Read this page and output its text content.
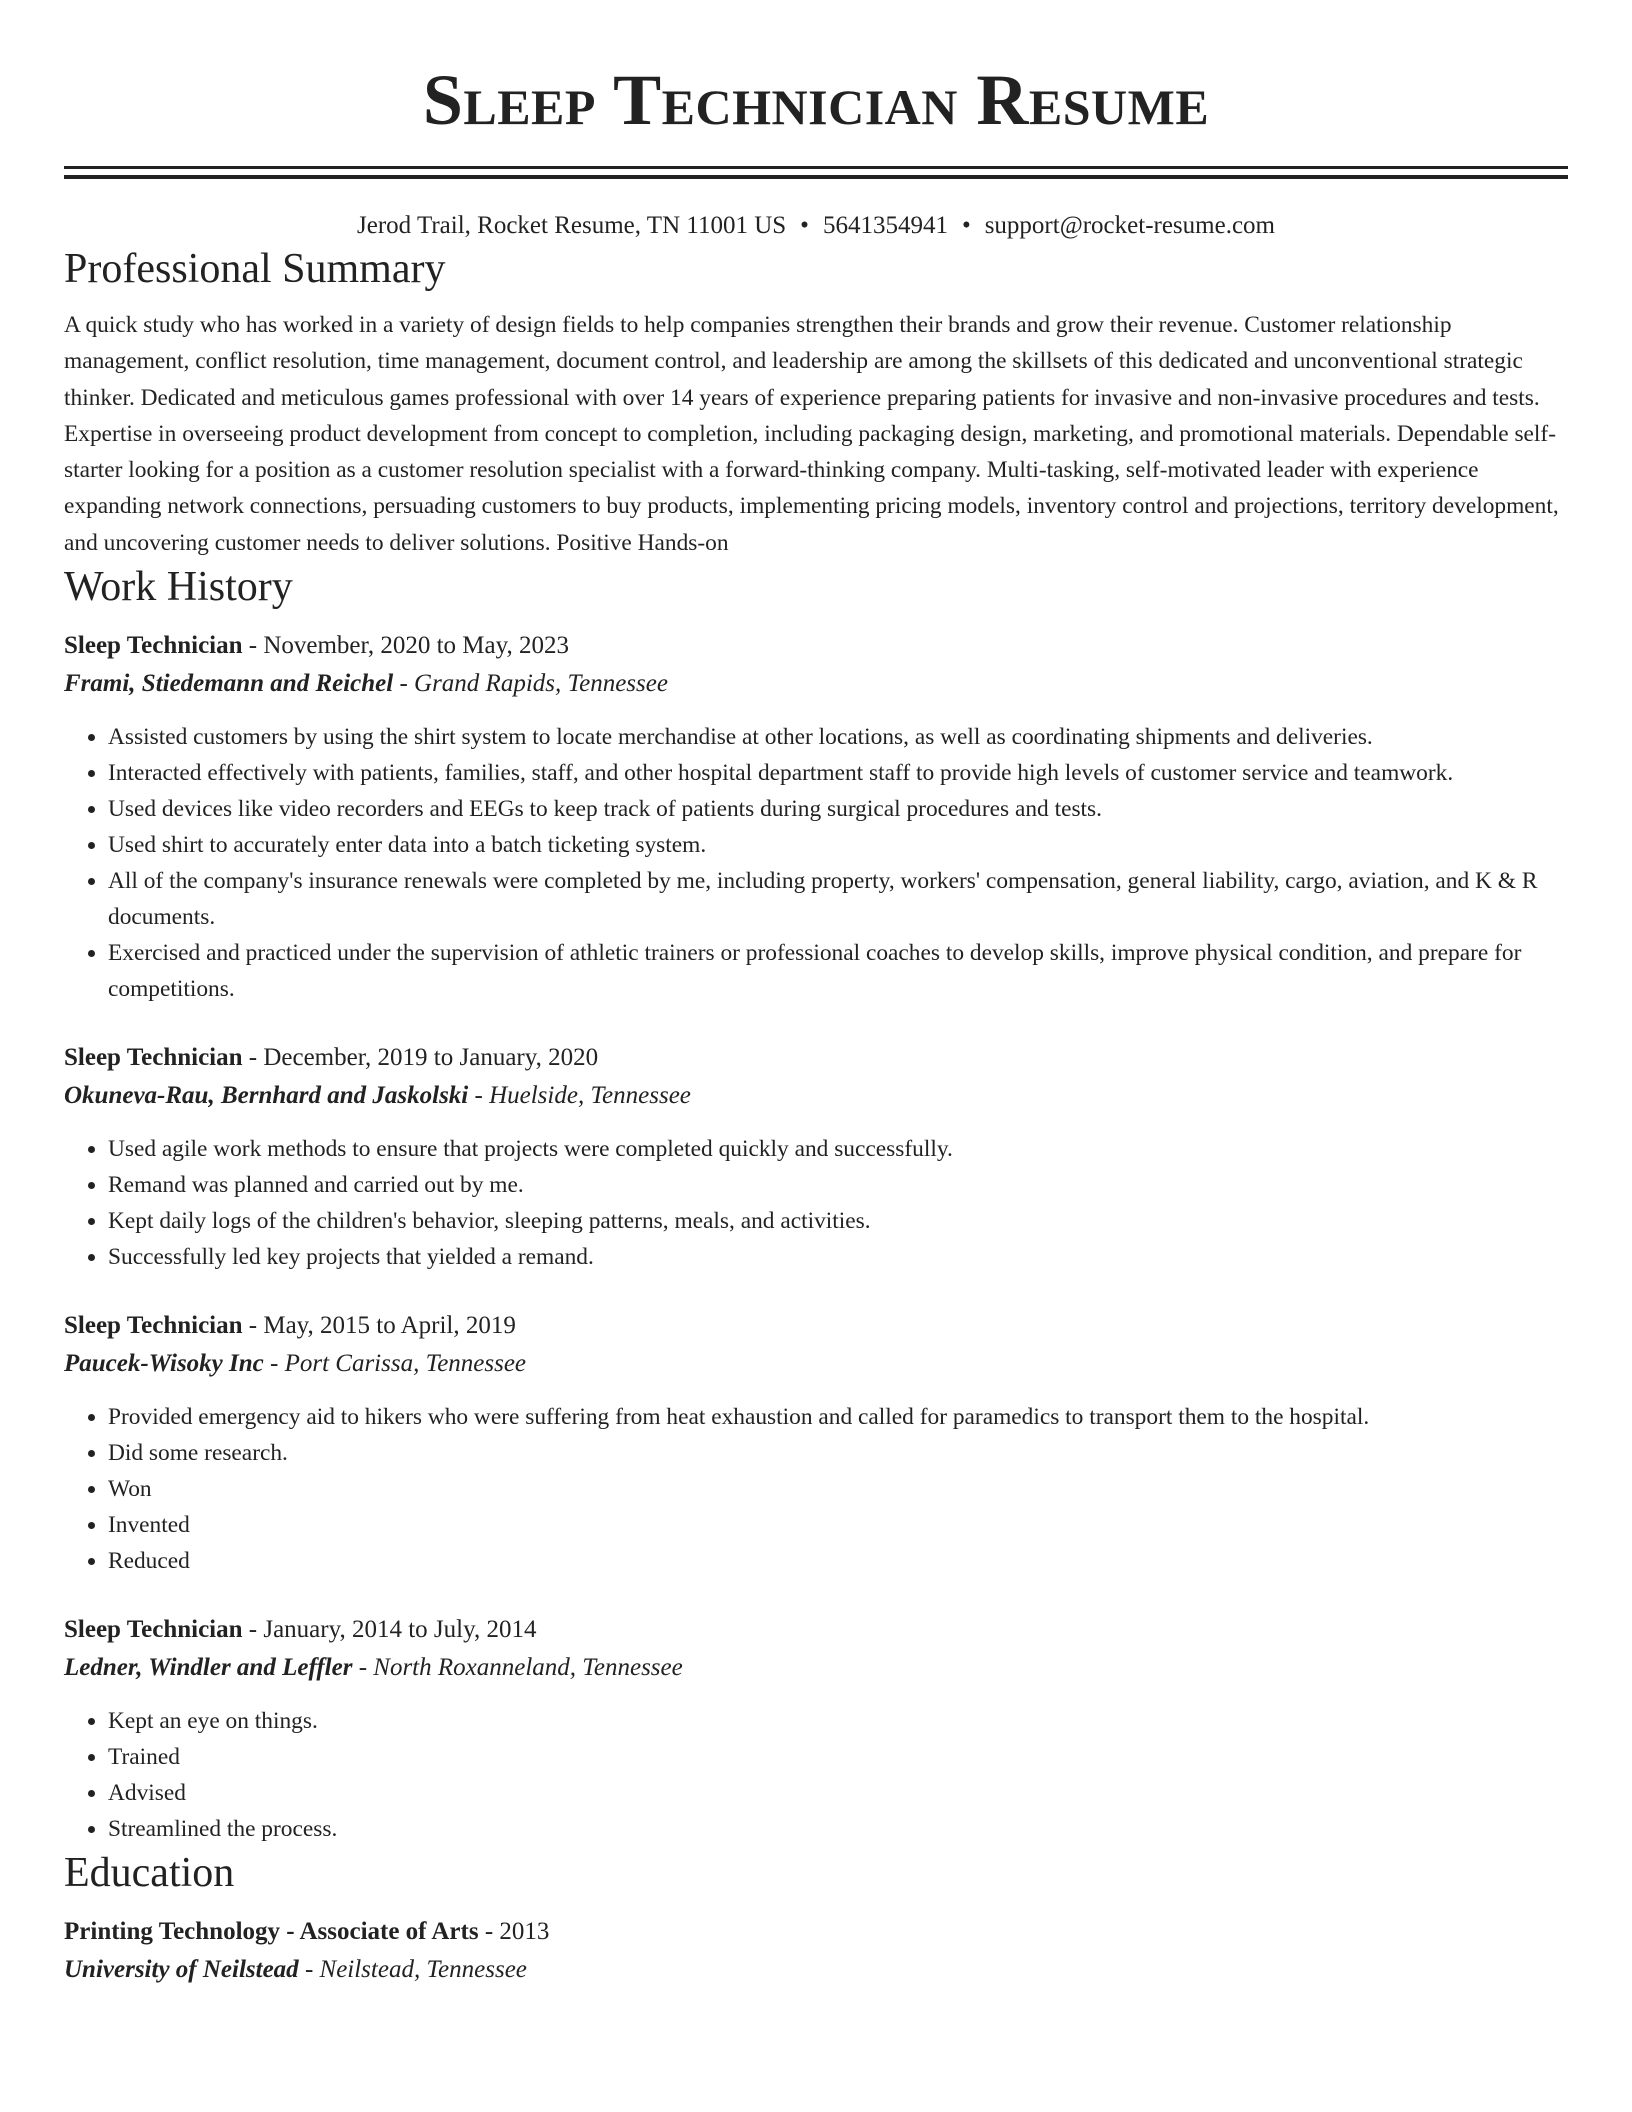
Sleep Technician Resume
Jerod Trail, Rocket Resume, TN 11001 US • 5641354941 • support@rocket-resume.com
Professional Summary
A quick study who has worked in a variety of design fields to help companies strengthen their brands and grow their revenue. Customer relationship management, conflict resolution, time management, document control, and leadership are among the skillsets of this dedicated and unconventional strategic thinker. Dedicated and meticulous games professional with over 14 years of experience preparing patients for invasive and non-invasive procedures and tests. Expertise in overseeing product development from concept to completion, including packaging design, marketing, and promotional materials. Dependable self-starter looking for a position as a customer resolution specialist with a forward-thinking company. Multi-tasking, self-motivated leader with experience expanding network connections, persuading customers to buy products, implementing pricing models, inventory control and projections, territory development, and uncovering customer needs to deliver solutions. Positive Hands-on
Work History
Sleep Technician - November, 2020 to May, 2023
Frami, Stiedemann and Reichel - Grand Rapids, Tennessee
• Assisted customers by using the shirt system to locate merchandise at other locations, as well as coordinating shipments and deliveries.
• Interacted effectively with patients, families, staff, and other hospital department staff to provide high levels of customer service and teamwork.
• Used devices like video recorders and EEGs to keep track of patients during surgical procedures and tests.
• Used shirt to accurately enter data into a batch ticketing system.
• All of the company's insurance renewals were completed by me, including property, workers' compensation, general liability, cargo, aviation, and K & R documents.
• Exercised and practiced under the supervision of athletic trainers or professional coaches to develop skills, improve physical condition, and prepare for competitions.
Sleep Technician - December, 2019 to January, 2020
Okuneva-Rau, Bernhard and Jaskolski - Huelside, Tennessee
• Used agile work methods to ensure that projects were completed quickly and successfully.
• Remand was planned and carried out by me.
• Kept daily logs of the children's behavior, sleeping patterns, meals, and activities.
• Successfully led key projects that yielded a remand.
Sleep Technician - May, 2015 to April, 2019
Paucek-Wisoky Inc - Port Carissa, Tennessee
• Provided emergency aid to hikers who were suffering from heat exhaustion and called for paramedics to transport them to the hospital.
• Did some research.
• Won
• Invented
• Reduced
Sleep Technician - January, 2014 to July, 2014
Ledner, Windler and Leffler - North Roxanneland, Tennessee
• Kept an eye on things.
• Trained
• Advised
• Streamlined the process.
Education
Printing Technology - Associate of Arts - 2013
University of Neilstead - Neilstead, Tennessee
